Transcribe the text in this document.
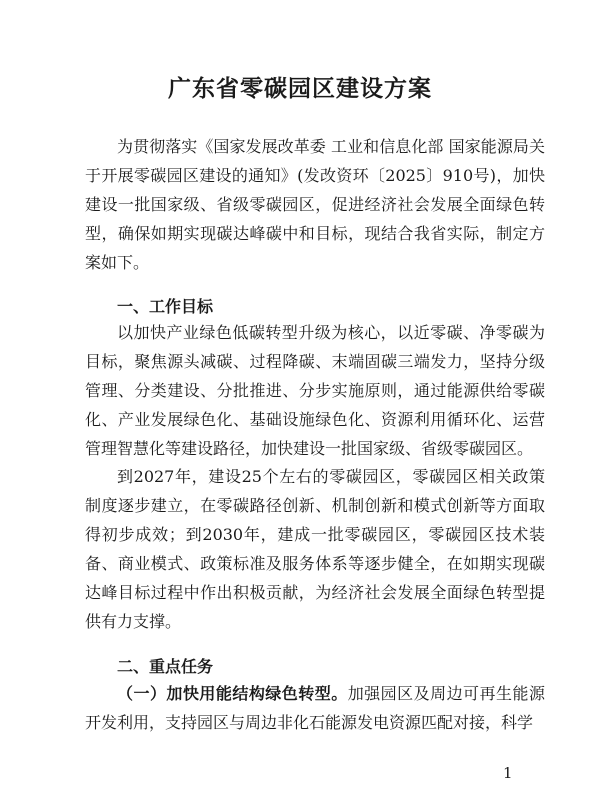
广东省零碳园区建设方案

为贯彻落实《国家发展改革委 工业和信息化部 国家能源局关于开展零碳园区建设的通知》(发改资环〔2025〕910号)，加快建设一批国家级、省级零碳园区，促进经济社会发展全面绿色转型，确保如期实现碳达峰碳中和目标，现结合我省实际，制定方案如下。

一、工作目标

以加快产业绿色低碳转型升级为核心，以近零碳、净零碳为目标，聚焦源头减碳、过程降碳、末端固碳三端发力，坚持分级管理、分类建设、分批推进、分步实施原则，通过能源供给零碳化、产业发展绿色化、基础设施绿色化、资源利用循环化、运营管理智慧化等建设路径，加快建设一批国家级、省级零碳园区。

到2027年，建设25个左右的零碳园区，零碳园区相关政策制度逐步建立，在零碳路径创新、机制创新和模式创新等方面取得初步成效；到2030年，建成一批零碳园区，零碳园区技术装备、商业模式、政策标准及服务体系等逐步健全，在如期实现碳达峰目标过程中作出积极贡献，为经济社会发展全面绿色转型提供有力支撑。

二、重点任务

（一）加快用能结构绿色转型。加强园区及周边可再生能源开发利用，支持园区与周边非化石能源发电资源匹配对接，科学

1
